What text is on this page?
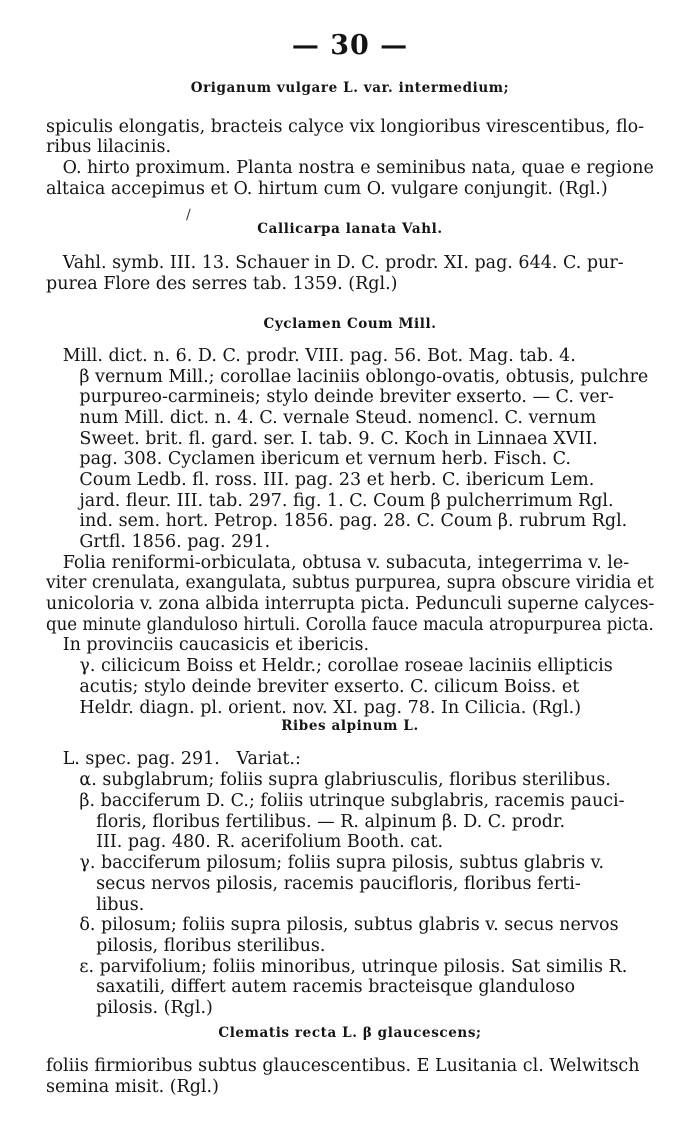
— 30 —
Origanum vulgare L. var. intermedium;

spiculis elongatis, bracteis calyce vix longioribus virescentibus, flo-

ribus lilacinis.

O. hirto proximum. Planta nostra e seminibus nata, quae e regione

altaica accepimus et O. hirtum cum O. vulgare conjungit. (Rgl.)

∕
Callicarpa lanata Vahl.

Vahl. symb. III. 13. Schauer in D. C. prodr. XI. pag. 644. C. pur-

purea Flore des serres tab. 1359. (Rgl.)

Cyclamen Coum Mill.

Mill. dict. n. 6. D. C. prodr. VIII. pag. 56. Bot. Mag. tab. 4.

β vernum Mill.; corollae laciniis oblongo-ovatis, obtusis, pulchre

purpureo-carmineis; stylo deinde breviter exserto. — C. ver-

num Mill. dict. n. 4. C. vernale Steud. nomencl. C. vernum

Sweet. brit. fl. gard. ser. I. tab. 9. C. Koch in Linnaea XVII.

pag. 308. Cyclamen ibericum et vernum herb. Fisch. C.

Coum Ledb. fl. ross. III. pag. 23 et herb. C. ibericum Lem.

jard. fleur. III. tab. 297. fig. 1. C. Coum β pulcherrimum Rgl.

ind. sem. hort. Petrop. 1856. pag. 28. C. Coum β. rubrum Rgl.

Grtfl. 1856. pag. 291.

Folia reniformi-orbiculata, obtusa v. subacuta, integerrima v. le-

viter crenulata, exangulata, subtus purpurea, supra obscure viridia et

unicoloria v. zona albida interrupta picta. Pedunculi superne calyces-

que minute glanduloso hirtuli. Corolla fauce macula atropurpurea picta.

In provinciis caucasicis et ibericis.

γ. cilicicum Boiss et Heldr.; corollae roseae laciniis ellipticis

acutis; stylo deinde breviter exserto. C. cilicum Boiss. et

Heldr. diagn. pl. orient. nov. XI. pag. 78. In Cilicia. (Rgl.)

Ribes alpinum L.

L. spec. pag. 291.   Variat.:

α. subglabrum; foliis supra glabriusculis, floribus sterilibus.

β. bacciferum D. C.; foliis utrinque subglabris, racemis pauci-

floris, floribus fertilibus. — R. alpinum β. D. C. prodr.

III. pag. 480. R. acerifolium Booth. cat.

γ. bacciferum pilosum; foliis supra pilosis, subtus glabris v.

secus nervos pilosis, racemis paucifloris, floribus ferti-

libus.

δ. pilosum; foliis supra pilosis, subtus glabris v. secus nervos

pilosis, floribus sterilibus.

ε. parvifolium; foliis minoribus, utrinque pilosis. Sat similis R.

saxatili, differt autem racemis bracteisque glanduloso

pilosis. (Rgl.)

Clematis recta L. β glaucescens;

foliis firmioribus subtus glaucescentibus. E Lusitania cl. Welwitsch

semina misit. (Rgl.)
